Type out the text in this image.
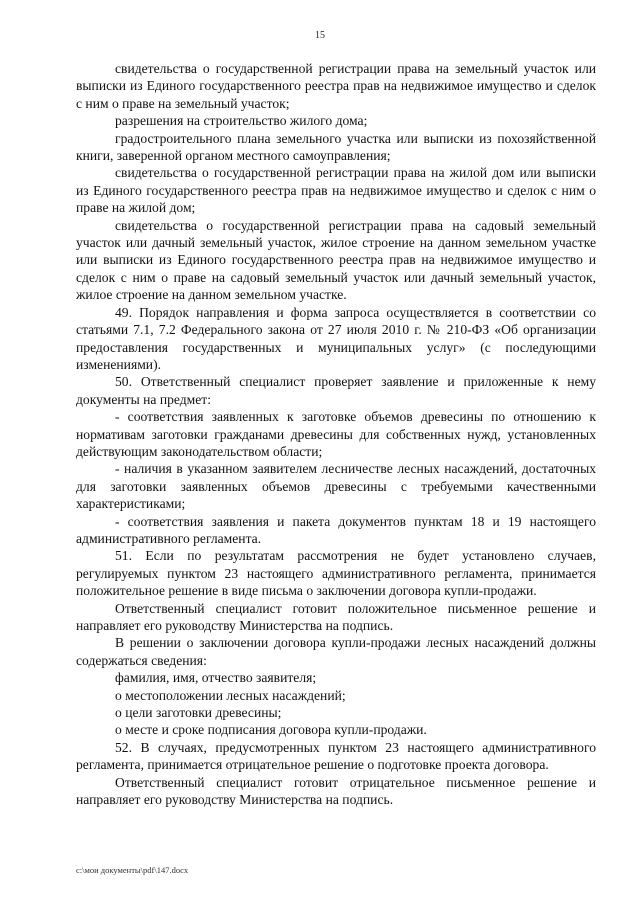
15

свидетельства о государственной регистрации права на земельный участок или выписки из Единого государственного реестра прав на недвижимое имущество и сделок с ним о праве на земельный участок;

разрешения на строительство жилого дома;

градостроительного плана земельного участка или выписки из похозяйственной книги, заверенной органом местного самоуправления;

свидетельства о государственной регистрации права на жилой дом или выписки из Единого государственного реестра прав на недвижимое имущество и сделок с ним о праве на жилой дом;

свидетельства о государственной регистрации права на садовый земельный участок или дачный земельный участок, жилое строение на данном земельном участке или выписки из Единого государственного реестра прав на недвижимое имущество и сделок с ним о праве на садовый земельный участок или дачный земельный участок, жилое строение на данном земельном участке.

49. Порядок направления и форма запроса осуществляется в соответствии со статьями 7.1, 7.2 Федерального закона от 27 июля 2010 г. № 210-ФЗ «Об организации предоставления государственных и муниципальных услуг» (с последующими изменениями).

50. Ответственный специалист проверяет заявление и приложенные к нему документы на предмет:

- соответствия заявленных к заготовке объемов древесины по отношению к нормативам заготовки гражданами древесины для собственных нужд, установленных действующим законодательством области;

- наличия в указанном заявителем лесничестве лесных насаждений, достаточных для заготовки заявленных объемов древесины с требуемыми качественными характеристиками;

- соответствия заявления и пакета документов пунктам 18 и 19 настоящего административного регламента.

51. Если по результатам рассмотрения не будет установлено случаев, регулируемых пунктом 23 настоящего административного регламента, принимается положительное решение в виде письма о заключении договора купли-продажи.

Ответственный специалист готовит положительное письменное решение и направляет его руководству Министерства на подпись.

В решении о заключении договора купли-продажи лесных насаждений должны содержаться сведения:

фамилия, имя, отчество заявителя;

о местоположении лесных насаждений;

о цели заготовки древесины;

о месте и сроке подписания договора купли-продажи.

52. В случаях, предусмотренных пунктом 23 настоящего административного регламента, принимается отрицательное решение о подготовке проекта договора.

Ответственный специалист готовит отрицательное письменное решение и направляет его руководству Министерства на подпись.

c:\мои документы\pdf\147.docx
